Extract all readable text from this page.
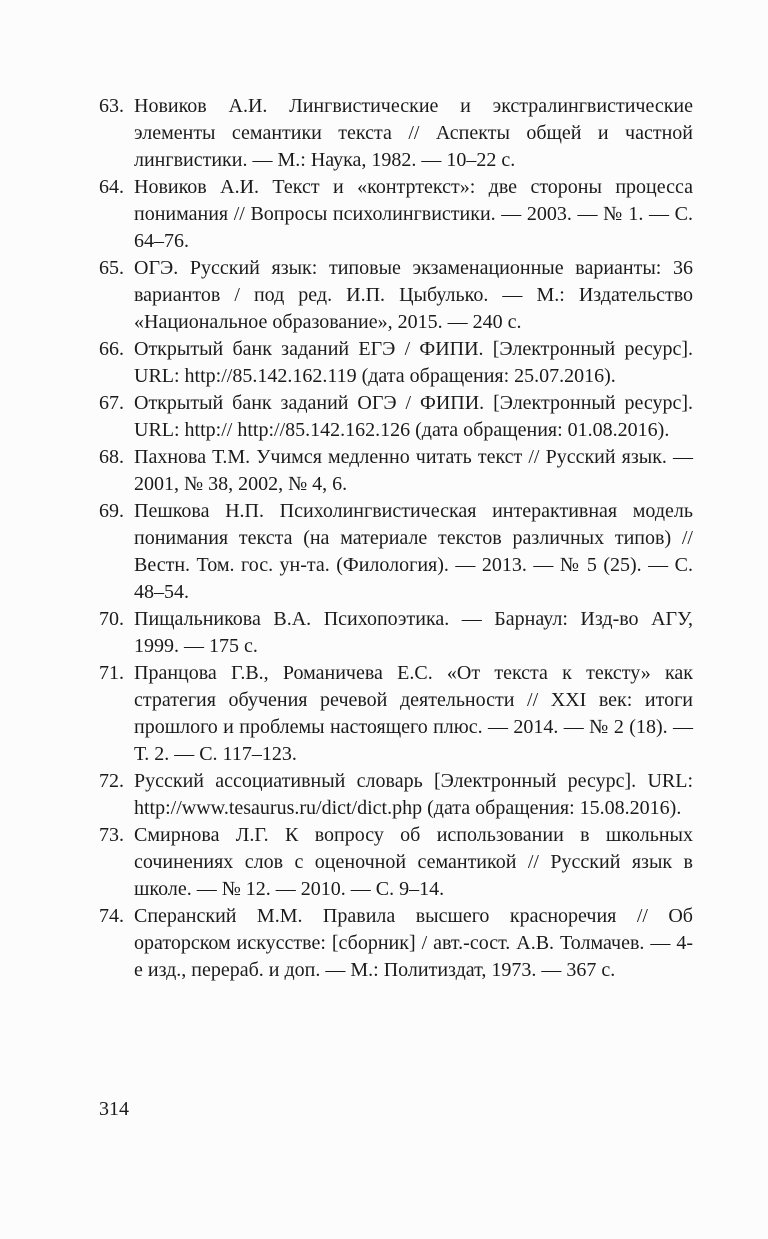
63. Новиков А.И. Лингвистические и экстралингвистические элементы семантики текста // Аспекты общей и частной лингвистики. — М.: Наука, 1982. — 10–22 с.
64. Новиков А.И. Текст и «контртекст»: две стороны процесса понимания // Вопросы психолингвистики. — 2003. — № 1. — С. 64–76.
65. ОГЭ. Русский язык: типовые экзаменационные варианты: 36 вариантов / под ред. И.П. Цыбулько. — М.: Издательство «Национальное образование», 2015. — 240 с.
66. Открытый банк заданий ЕГЭ / ФИПИ. [Электронный ресурс]. URL: http://85.142.162.119 (дата обращения: 25.07.2016).
67. Открытый банк заданий ОГЭ / ФИПИ. [Электронный ресурс]. URL: http:// http://85.142.162.126 (дата обращения: 01.08.2016).
68. Пахнова Т.М. Учимся медленно читать текст // Русский язык. — 2001, № 38, 2002, № 4, 6.
69. Пешкова Н.П. Психолингвистическая интерактивная модель понимания текста (на материале текстов различных типов) // Вестн. Том. гос. ун-та. (Филология). — 2013. — № 5 (25). — С. 48–54.
70. Пищальникова В.А. Психопоэтика. — Барнаул: Изд-во АГУ, 1999. — 175 с.
71. Пранцова Г.В., Романичева Е.С. «От текста к тексту» как стратегия обучения речевой деятельности // XXI век: итоги прошлого и проблемы настоящего плюс. — 2014. — № 2 (18). — Т. 2. — С. 117–123.
72. Русский ассоциативный словарь [Электронный ресурс]. URL: http://www.tesaurus.ru/dict/dict.php (дата обращения: 15.08.2016).
73. Смирнова Л.Г. К вопросу об использовании в школьных сочинениях слов с оценочной семантикой // Русский язык в школе. — № 12. — 2010. — С. 9–14.
74. Сперанский М.М. Правила высшего красноречия // Об ораторском искусстве: [сборник] / авт.-сост. А.В. Толмачев. — 4-е изд., перераб. и доп. — М.: Политиздат, 1973. — 367 с.
314
